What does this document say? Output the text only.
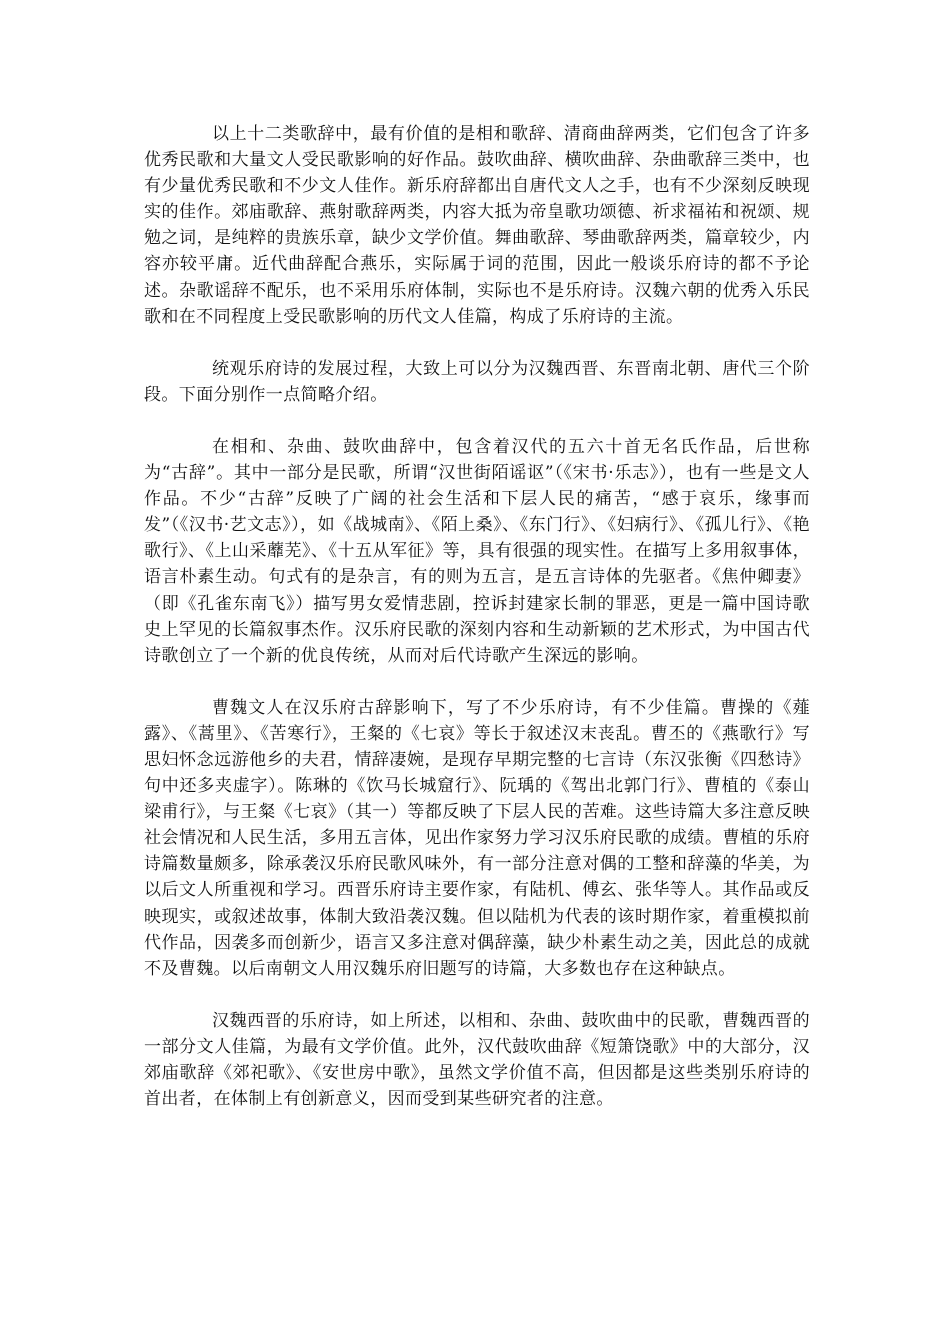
以上十二类歌辞中，最有价值的是相和歌辞、清商曲辞两类，它们包含了许多优秀民歌和大量文人受民歌影响的好作品。鼓吹曲辞、横吹曲辞、杂曲歌辞三类中，也有少量优秀民歌和不少文人佳作。新乐府辞都出自唐代文人之手，也有不少深刻反映现实的佳作。郊庙歌辞、燕射歌辞两类，内容大抵为帝皇歌功颂德、祈求福祐和祝颂、规勉之词，是纯粹的贵族乐章，缺少文学价值。舞曲歌辞、琴曲歌辞两类，篇章较少，内容亦较平庸。近代曲辞配合燕乐，实际属于词的范围，因此一般谈乐府诗的都不予论述。杂歌谣辞不配乐，也不采用乐府体制，实际也不是乐府诗。汉魏六朝的优秀入乐民歌和在不同程度上受民歌影响的历代文人佳篇，构成了乐府诗的主流。

统观乐府诗的发展过程，大致上可以分为汉魏西晋、东晋南北朝、唐代三个阶段。下面分别作一点简略介绍。

在相和、杂曲、鼓吹曲辞中，包含着汉代的五六十首无名氏作品，后世称为“古辞”。其中一部分是民歌，所谓“汉世街陌谣讴”（《宋书·乐志》），也有一些是文人作品。不少“古辞”反映了广阔的社会生活和下层人民的痛苦，“感于哀乐，缘事而发”（《汉书·艺文志》），如《战城南》、《陌上桑》、《东门行》、《妇病行》、《孤儿行》、《艳歌行》、《上山采蘼芜》、《十五从军征》等，具有很强的现实性。在描写上多用叙事体，语言朴素生动。句式有的是杂言，有的则为五言，是五言诗体的先驱者。《焦仲卿妻》（即《孔雀东南飞》）描写男女爱情悲剧，控诉封建家长制的罪恶，更是一篇中国诗歌史上罕见的长篇叙事杰作。汉乐府民歌的深刻内容和生动新颖的艺术形式，为中国古代诗歌创立了一个新的优良传统，从而对后代诗歌产生深远的影响。

曹魏文人在汉乐府古辞影响下，写了不少乐府诗，有不少佳篇。曹操的《薤露》、《蒿里》、《苦寒行》，王粲的《七哀》等长于叙述汉末丧乱。曹丕的《燕歌行》写思妇怀念远游他乡的夫君，情辞凄婉，是现存早期完整的七言诗（东汉张衡《四愁诗》句中还多夹虚字）。陈琳的《饮马长城窟行》、阮瑀的《驾出北郭门行》、曹植的《泰山梁甫行》，与王粲《七哀》（其一）等都反映了下层人民的苦难。这些诗篇大多注意反映社会情况和人民生活，多用五言体，见出作家努力学习汉乐府民歌的成绩。曹植的乐府诗篇数量颇多，除承袭汉乐府民歌风味外，有一部分注意对偶的工整和辞藻的华美，为以后文人所重视和学习。西晋乐府诗主要作家，有陆机、傅玄、张华等人。其作品或反映现实，或叙述故事，体制大致沿袭汉魏。但以陆机为代表的该时期作家，着重模拟前代作品，因袭多而创新少，语言又多注意对偶辞藻，缺少朴素生动之美，因此总的成就不及曹魏。以后南朝文人用汉魏乐府旧题写的诗篇，大多数也存在这种缺点。

汉魏西晋的乐府诗，如上所述，以相和、杂曲、鼓吹曲中的民歌，曹魏西晋的一部分文人佳篇，为最有文学价值。此外，汉代鼓吹曲辞《短箫饶歌》中的大部分，汉郊庙歌辞《郊祀歌》、《安世房中歌》，虽然文学价值不高，但因都是这些类别乐府诗的首出者，在体制上有创新意义，因而受到某些研究者的注意。
